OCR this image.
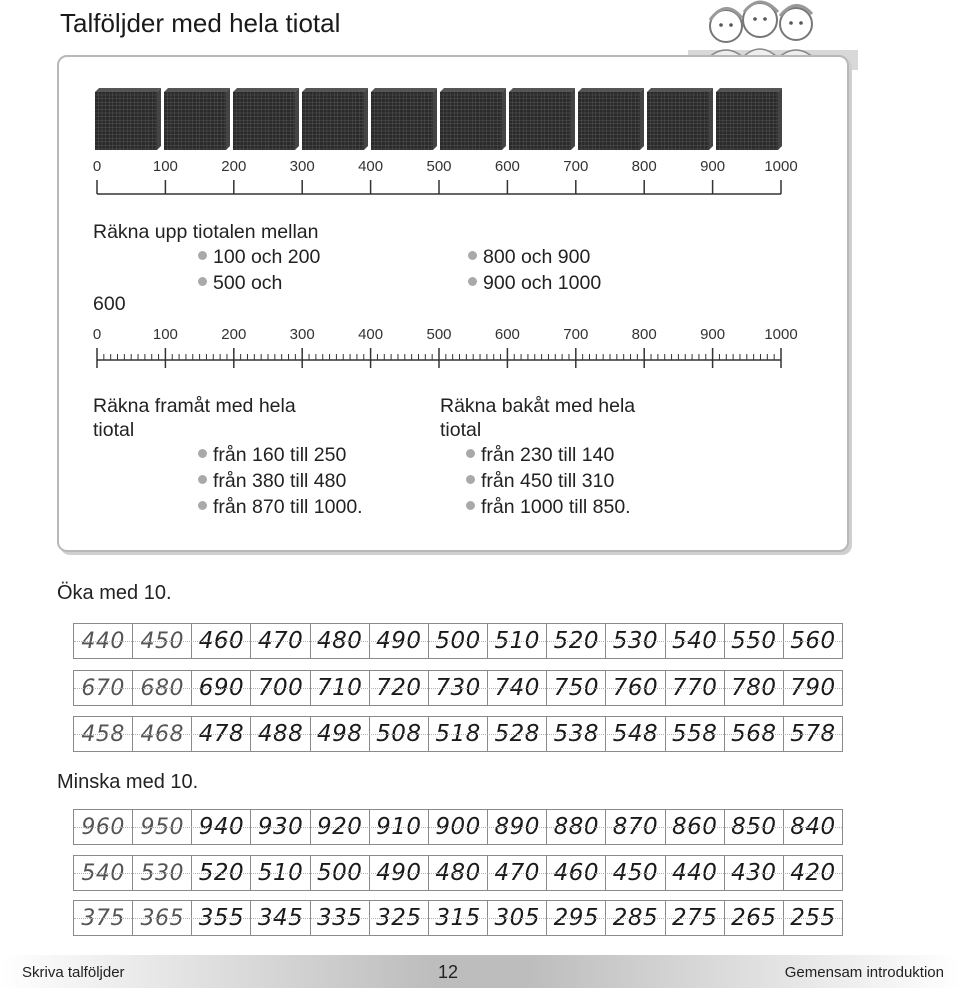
Talföljder med hela tiotal
0	100	200	300	400	500	600	700	800	900	1000
Räkna upp tiotalen mellan
100 och 200
500 och
800 och 900
900 och 1000
600
0	100	200	300	400	500	600	700	800	900	1000
Räkna framåt med hela
tiotal
från 160 till 250
från 380 till 480
från 870 till 1000.
Räkna bakåt med hela
tiotal
från 230 till 140
från 450 till 310
från 1000 till 850.
Öka med 10.
440 450 460 470 480 490 500 510 520 530 540 550 560
670 680 690 700 710 720 730 740 750 760 770 780 790
458 468 478 488 498 508 518 528 538 548 558 568 578
Minska med 10.
960 950 940 930 920 910 900 890 880 870 860 850 840
540 530 520 510 500 490 480 470 460 450 440 430 420
375 365 355 345 335 325 315 305 295 285 275 265 255
Skriva talföljder	12	Gemensam introduktion
